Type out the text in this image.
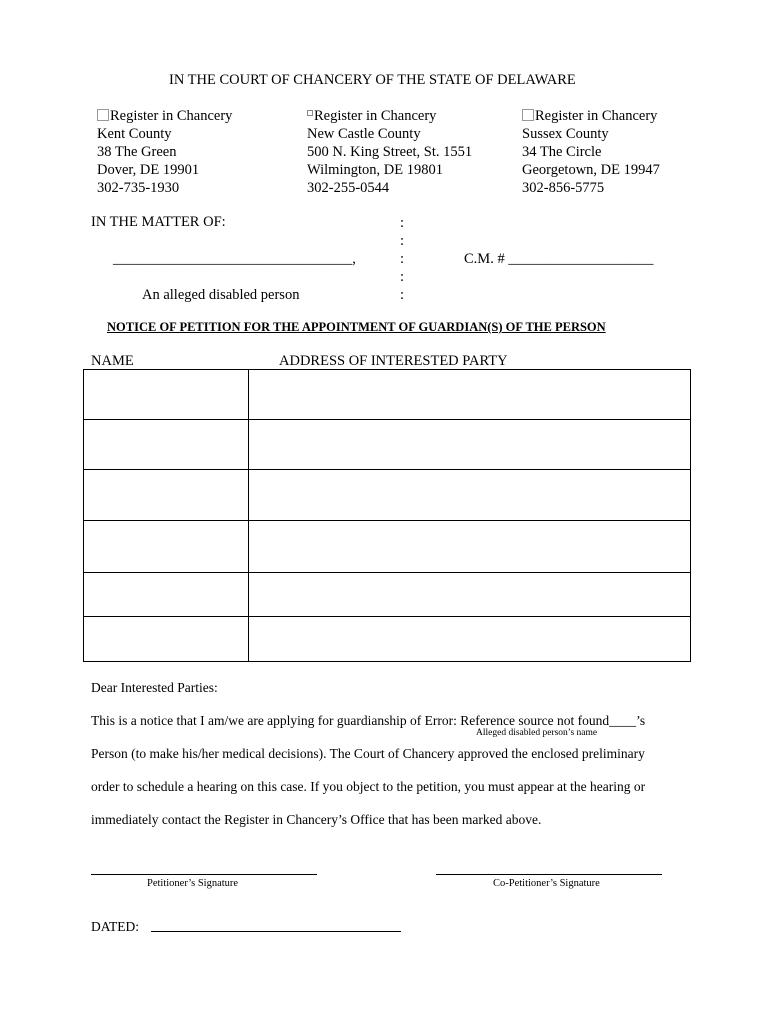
IN THE COURT OF CHANCERY OF THE STATE OF DELAWARE
Register in Chancery
Kent County
38 The Green
Dover, DE 19901
302-735-1930
Register in Chancery
New Castle County
500 N. King Street, St. 1551
Wilmington, DE 19801
302-255-0544
Register in Chancery
Sussex County
34 The Circle
Georgetown, DE 19947
302-856-5775
IN THE MATTER OF:
_________________________________,
An alleged disabled person
:
:
:
:
:
C.M. # ____________________
NOTICE OF PETITION FOR THE APPOINTMENT OF GUARDIAN(S) OF THE PERSON
NAME	ADDRESS OF INTERESTED PARTY

Dear Interested Parties:
This is a notice that I am/we are applying for guardianship of Error: Reference source not found____’s
Alleged disabled person’s name
Person (to make his/her medical decisions). The Court of Chancery approved the enclosed preliminary
order to schedule a hearing on this case. If you object to the petition, you must appear at the hearing or
immediately contact the Register in Chancery’s Office that has been marked above.
Petitioner’s Signature	Co-Petitioner’s Signature
DATED:
